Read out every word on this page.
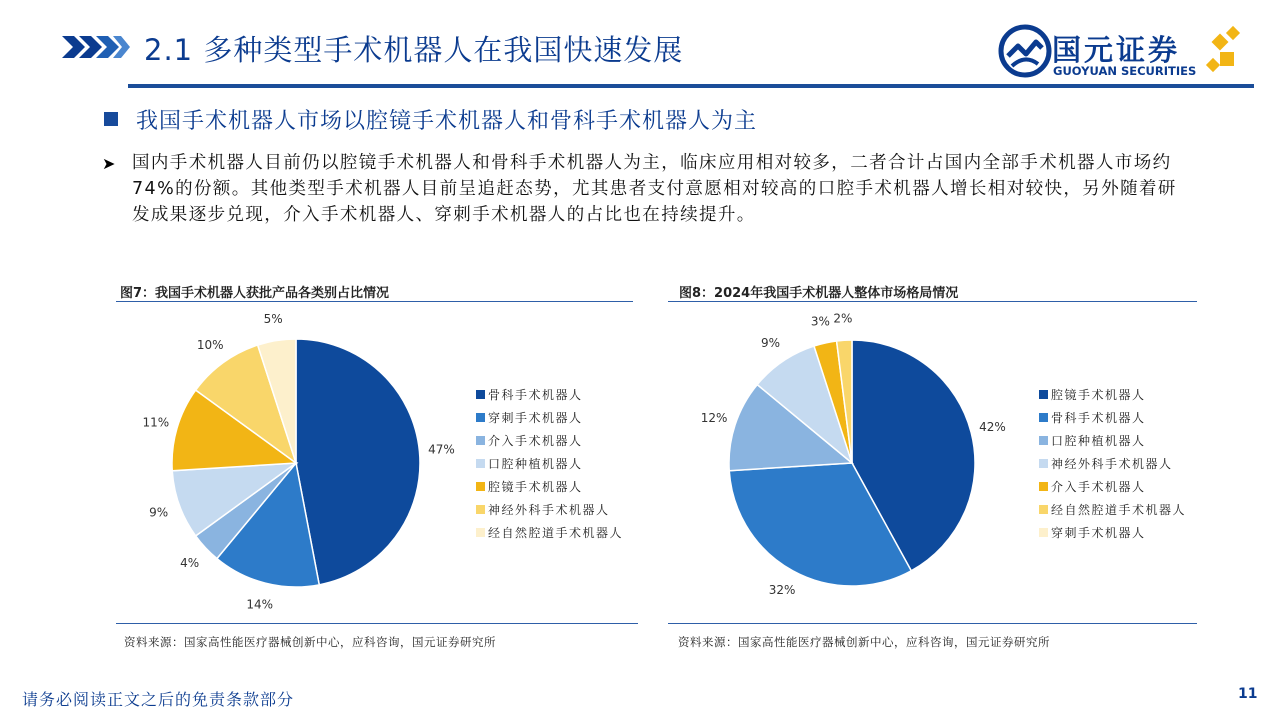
2.1 多种类型手术机器人在我国快速发展	国元证券
GUOYUAN SECURITIES
我国手术机器人市场以腔镜手术机器人和骨科手术机器人为主
➤ 国内手术机器人目前仍以腔镜手术机器人和骨科手术机器人为主，临床应用相对较多，二者合计占国内全部手术机器人市场约74%的份额。其他类型手术机器人目前呈追赶态势，尤其患者支付意愿相对较高的口腔手术机器人增长相对较快，另外随着研发成果逐步兑现，介入手术机器人、穿刺手术机器人的占比也在持续提升。
图7：我国手术机器人获批产品各类别占比情况
47%
14%
4%
9%
11%
10%
5%
骨科手术机器人
穿刺手术机器人
介入手术机器人
口腔种植机器人
腔镜手术机器人
神经外科手术机器人
经自然腔道手术机器人
资料来源：国家高性能医疗器械创新中心，应科咨询，国元证券研究所
图8：2024年我国手术机器人整体市场格局情况
42%
32%
12%
9%
3% 2%
腔镜手术机器人
骨科手术机器人
口腔种植机器人
神经外科手术机器人
介入手术机器人
经自然腔道手术机器人
穿刺手术机器人
资料来源：国家高性能医疗器械创新中心，应科咨询，国元证券研究所
请务必阅读正文之后的免责条款部分	11
